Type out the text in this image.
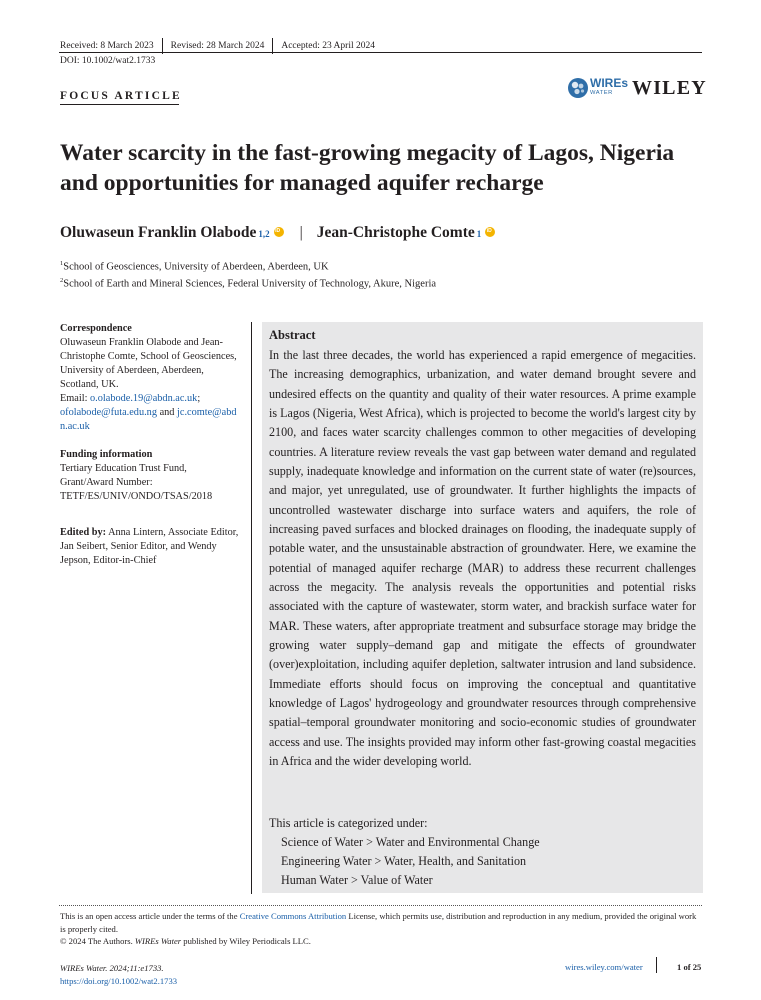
Received: 8 March 2023 Revised: 28 March 2024 Accepted: 23 April 2024
DOI: 10.1002/wat2.1733
FOCUS ARTICLE
WIREs
WATER WILEY
Water scarcity in the fast-growing megacity of Lagos, Nigeria and opportunities for managed aquifer recharge
Oluwaseun Franklin Olabode 1,2
iD | Jean-Christophe Comte 1
iD
$^1$School of Geosciences, University of Aberdeen, Aberdeen, UK
$^2$School of Earth and Mineral Sciences, Federal University of Technology, Akure, Nigeria
Correspondence
Oluwaseun Franklin Olabode and Jean-Christophe Comte, School of Geosciences, University of Aberdeen, Aberdeen, Scotland, UK.
Email: o.olabode.19@abdn.ac.uk; ofolabode@futa.edu.ng and jc.comte@abdn.ac.uk
Funding information
Tertiary Education Trust Fund, Grant/Award Number: TETF/ES/UNIV/ONDO/TSAS/2018
Edited by: Anna Lintern, Associate Editor, Jan Seibert, Senior Editor, and Wendy Jepson, Editor-in-Chief
Abstract
In the last three decades, the world has experienced a rapid emergence of megacities. The increasing demographics, urbanization, and water demand brought severe and undesired effects on the quantity and quality of their water resources. A prime example is Lagos (Nigeria, West Africa), which is projected to become the world's largest city by 2100, and faces water scarcity challenges common to other megacities of developing countries. A literature review reveals the vast gap between water demand and regulated supply, inadequate knowledge and information on the current state of water (re)sources, and major, yet unregulated, use of groundwater. It further highlights the impacts of uncontrolled wastewater discharge into surface waters and aquifers, the role of increasing paved surfaces and blocked drainages on flooding, the inadequate supply of potable water, and the unsustainable abstraction of groundwater. Here, we examine the potential of managed aquifer recharge (MAR) to address these recurrent challenges across the megacity. The analysis reveals the opportunities and potential risks associated with the capture of wastewater, storm water, and brackish surface water for MAR. These waters, after appropriate treatment and subsurface storage may bridge the growing water supply–demand gap and mitigate the effects of groundwater (over)exploitation, including aquifer depletion, saltwater intrusion and land subsidence. Immediate efforts should focus on improving the conceptual and quantitative knowledge of Lagos' hydrogeology and groundwater resources through comprehensive spatial–temporal groundwater monitoring and socio-economic studies of groundwater access and use. The insights provided may inform other fast-growing coastal megacities in Africa and the wider developing world.
This article is categorized under:
Science of Water > Water and Environmental Change
Engineering Water > Water, Health, and Sanitation
Human Water > Value of Water
This is an open access article under the terms of the Creative Commons Attribution License, which permits use, distribution and reproduction in any medium, provided the original work is properly cited.
© 2024 The Authors. WIREs Water published by Wiley Periodicals LLC.
WIREs Water. 2024;11:e1733.
https://doi.org/10.1002/wat2.1733
wires.wiley.com/water	1 of 25
